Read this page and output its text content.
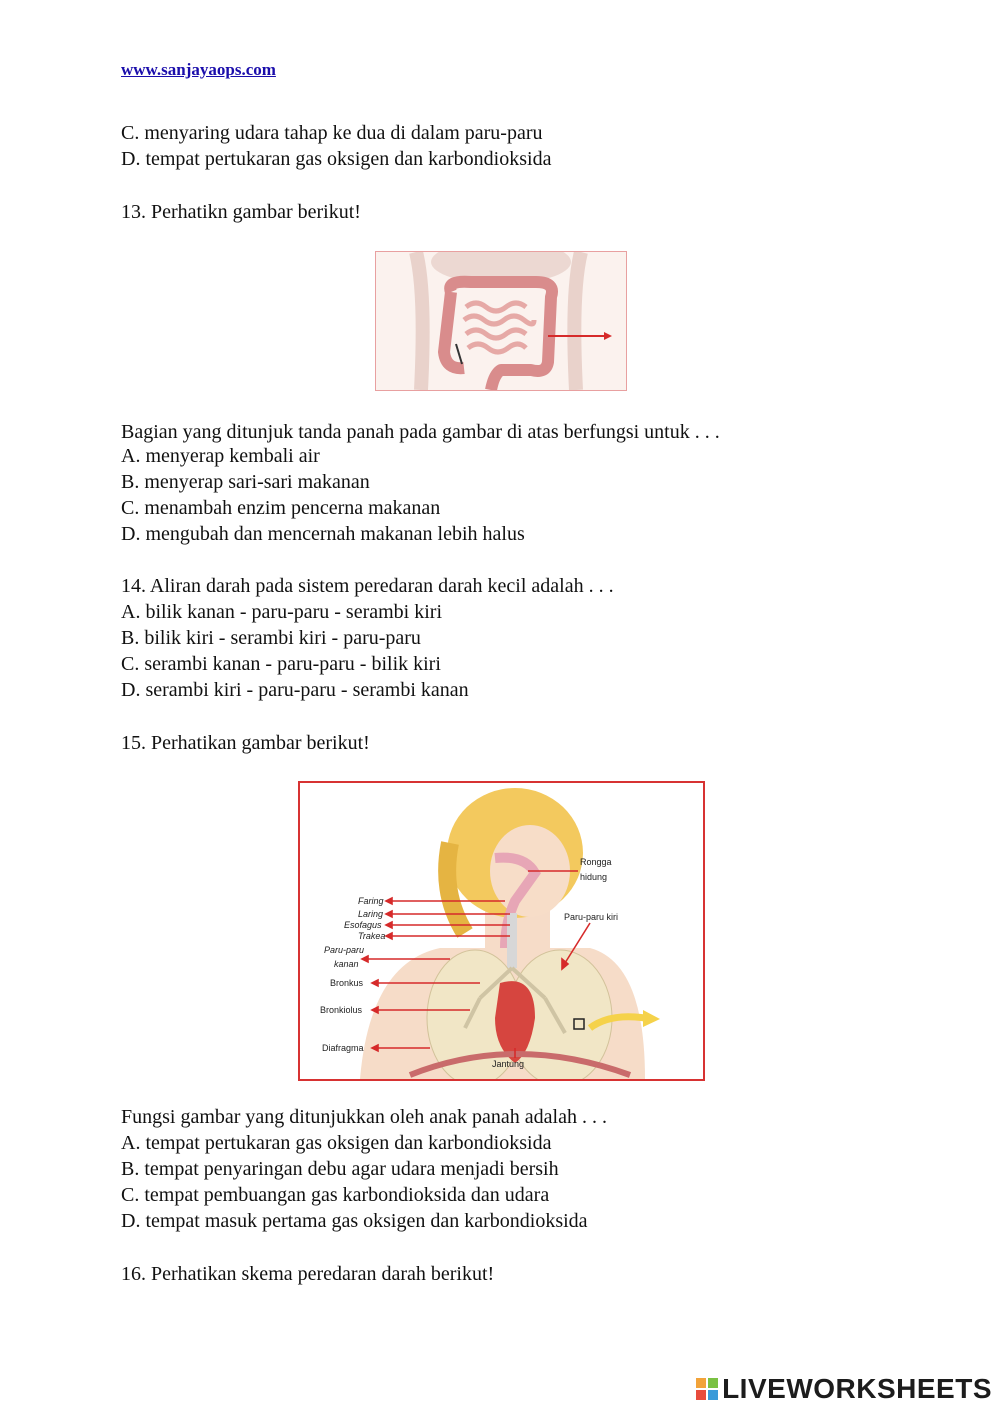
www.sanjayaops.com
C. menyaring udara tahap ke dua di dalam paru-paru
D. tempat pertukaran gas oksigen dan karbondioksida
13. Perhatikn gambar berikut!
Bagian yang ditunjuk tanda panah pada gambar di atas berfungsi untuk . . .
A. menyerap kembali air
B. menyerap sari-sari makanan
C. menambah enzim pencerna makanan
D. mengubah dan mencernah makanan lebih halus
14. Aliran darah pada sistem peredaran darah kecil adalah . . .
A. bilik kanan - paru-paru - serambi kiri
B. bilik kiri - serambi kiri - paru-paru
C. serambi kanan - paru-paru - bilik kiri
D. serambi kiri - paru-paru - serambi kanan
15. Perhatikan gambar berikut!
Rongga
hidung
Paru-paru kiri
Faring
Laring
Esofagus
Trakea
Paru-paru
kanan
Bronkus
Bronkiolus
Diafragma
Jantung
Fungsi gambar yang ditunjukkan oleh anak panah adalah . . .
A. tempat pertukaran gas oksigen dan karbondioksida
B. tempat penyaringan debu agar udara menjadi bersih
C. tempat pembuangan gas karbondioksida dan udara
D. tempat masuk pertama gas oksigen dan karbondioksida
16. Perhatikan skema peredaran darah berikut!
LIVEWORKSHEETS
